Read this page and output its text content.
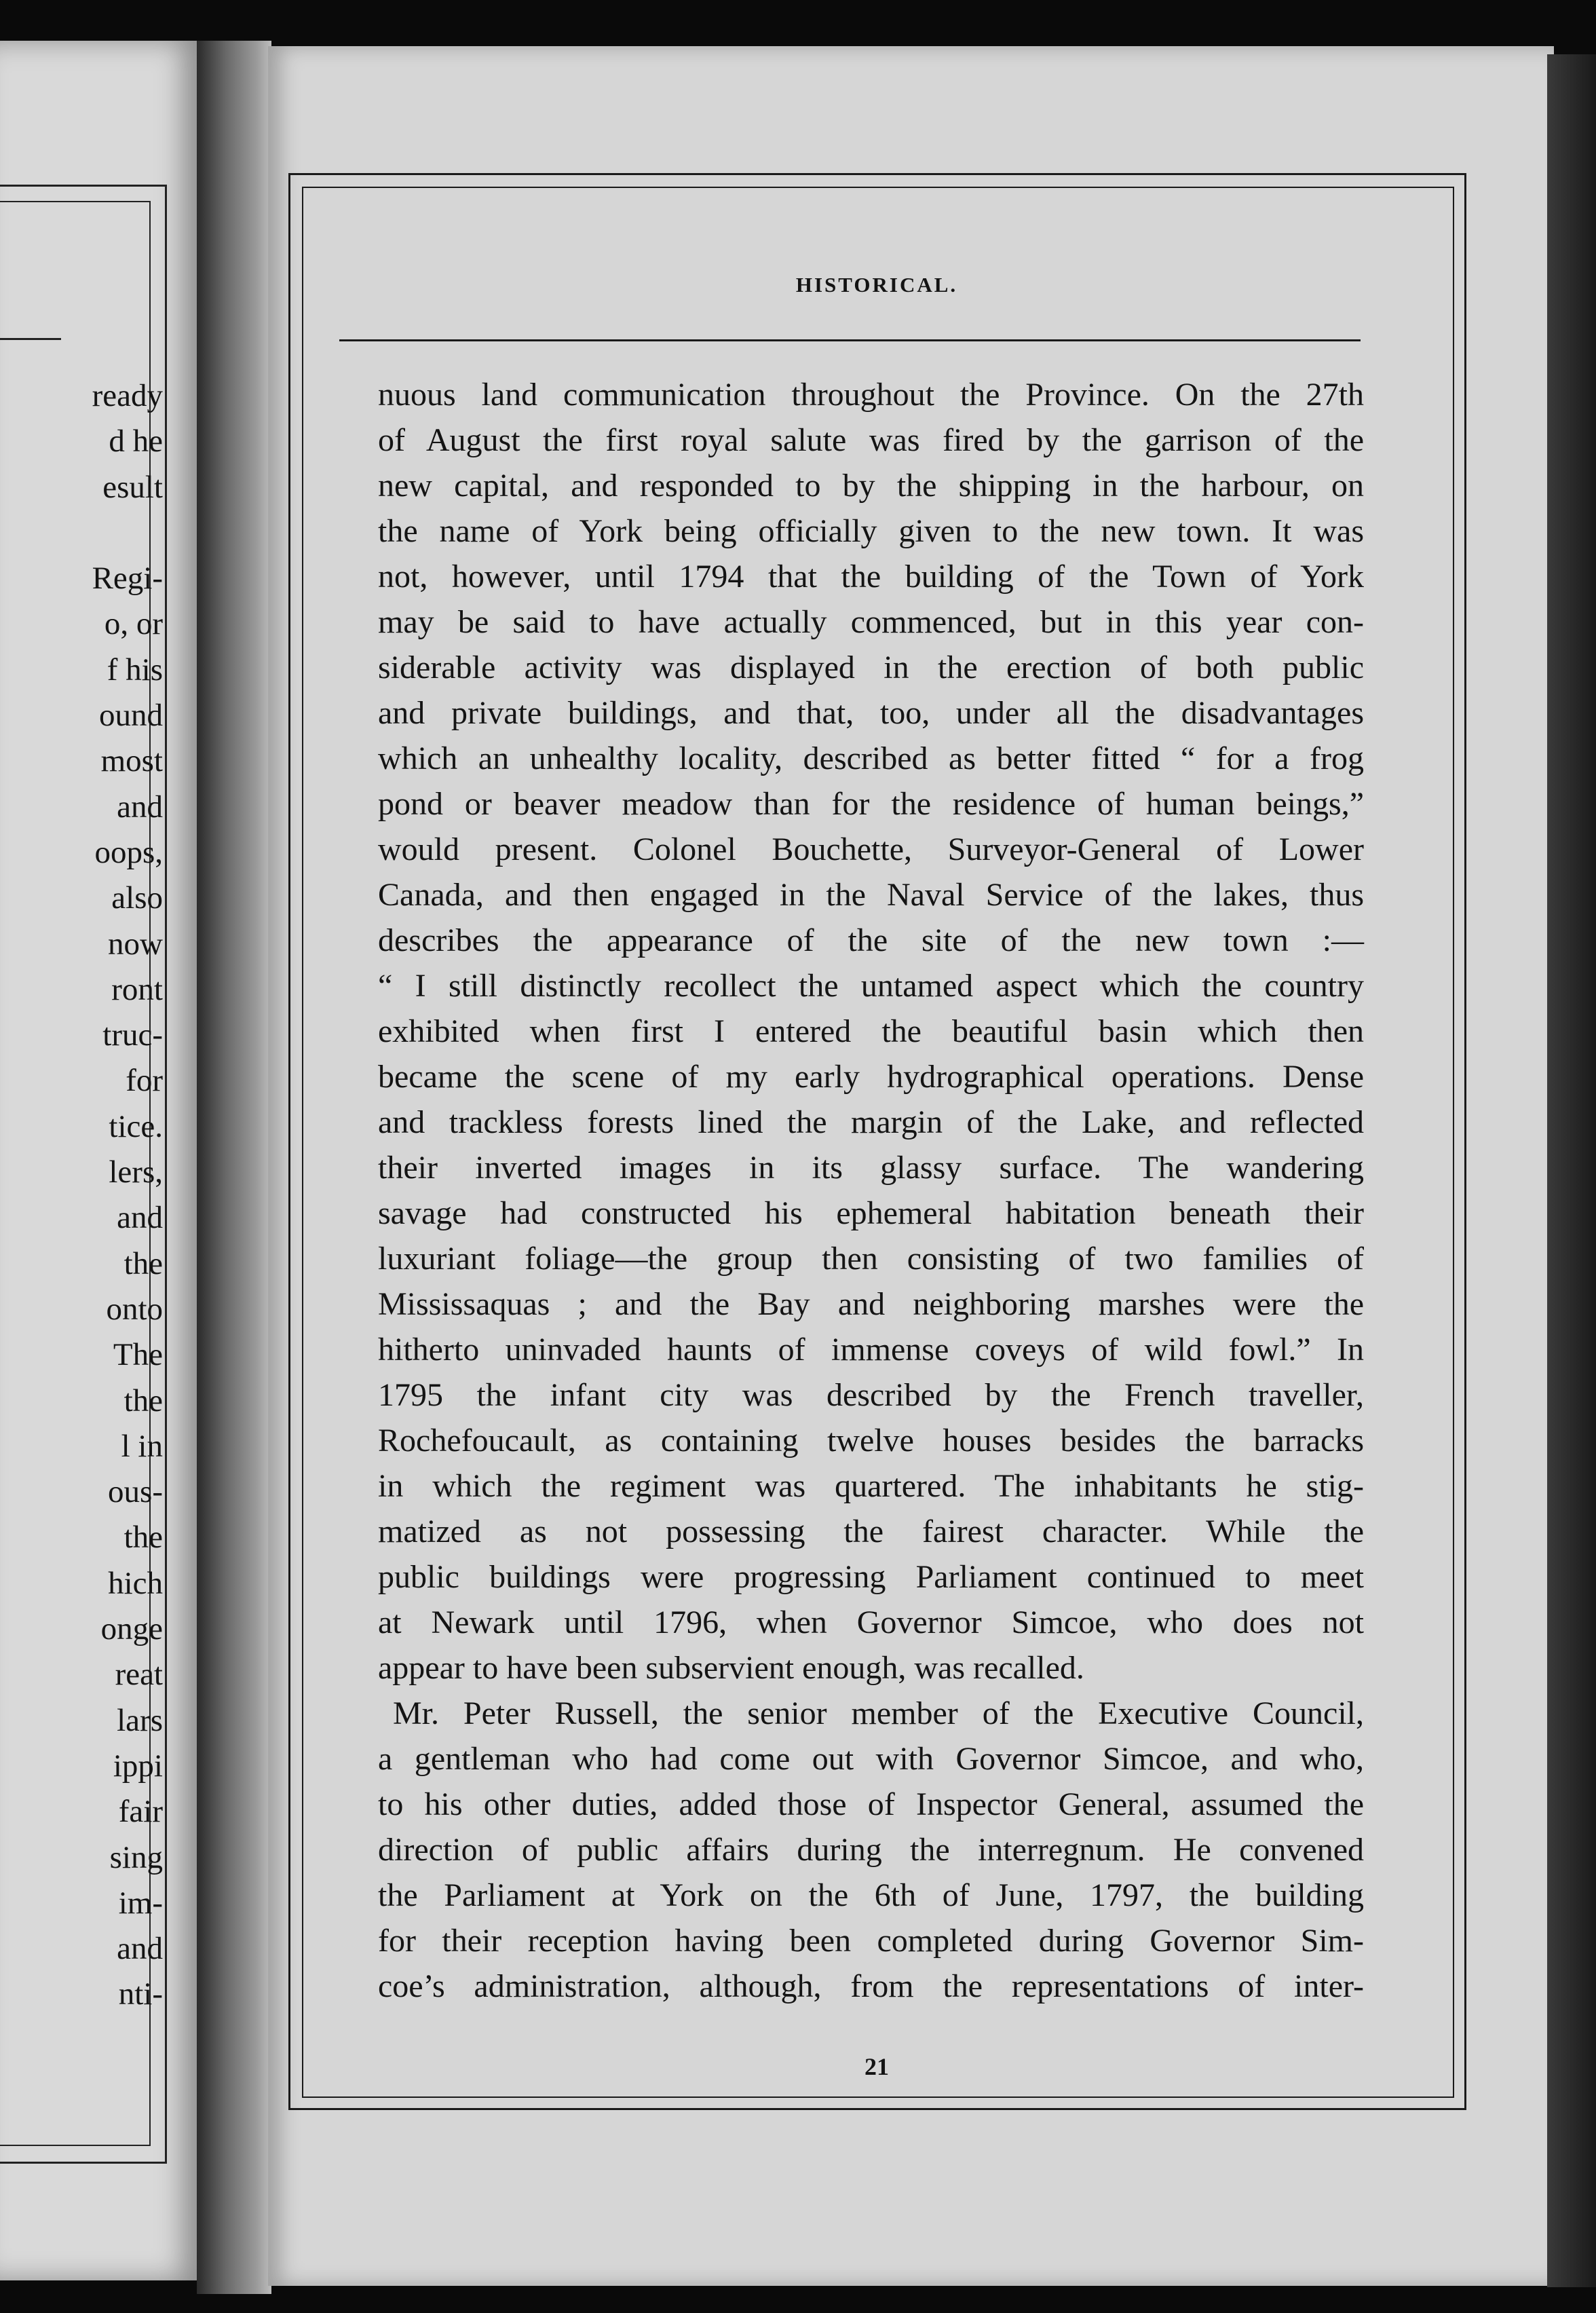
ready
d he
esult
Regi-
o, or
f his
ound
most
and
oops,
also
now
ront
truc-
for
tice.
lers,
and
the
onto
The
the
l in
ous-
the
hich
onge
reat
lars
ippi
fair
sing
im-
and
nti-
HISTORICAL.
nuous land communication throughout the Province. On the 27th
of August the first royal salute was fired by the garrison of the
new capital, and responded to by the shipping in the harbour, on
the name of York being officially given to the new town. It was
not, however, until 1794 that the building of the Town of York
may be said to have actually commenced, but in this year con-
siderable activity was displayed in the erection of both public
and private buildings, and that, too, under all the disadvantages
which an unhealthy locality, described as better fitted “ for a frog
pond or beaver meadow than for the residence of human beings,”
would present. Colonel Bouchette, Surveyor-General of Lower
Canada, and then engaged in the Naval Service of the lakes, thus
describes the appearance of the site of the new town :—
“ I still distinctly recollect the untamed aspect which the country
exhibited when first I entered the beautiful basin which then
became the scene of my early hydrographical operations. Dense
and trackless forests lined the margin of the Lake, and reflected
their inverted images in its glassy surface. The wandering
savage had constructed his ephemeral habitation beneath their
luxuriant foliage—the group then consisting of two families of
Mississaquas ; and the Bay and neighboring marshes were the
hitherto uninvaded haunts of immense coveys of wild fowl.” In
1795 the infant city was described by the French traveller,
Rochefoucault, as containing twelve houses besides the barracks
in which the regiment was quartered. The inhabitants he stig-
matized as not possessing the fairest character. While the
public buildings were progressing Parliament continued to meet
at Newark until 1796, when Governor Simcoe, who does not
appear to have been subservient enough, was recalled.
Mr. Peter Russell, the senior member of the Executive Council,
a gentleman who had come out with Governor Simcoe, and who,
to his other duties, added those of Inspector General, assumed the
direction of public affairs during the interregnum. He convened
the Parliament at York on the 6th of June, 1797, the building
for their reception having been completed during Governor Sim-
coe’s administration, although, from the representations of inter-
21
